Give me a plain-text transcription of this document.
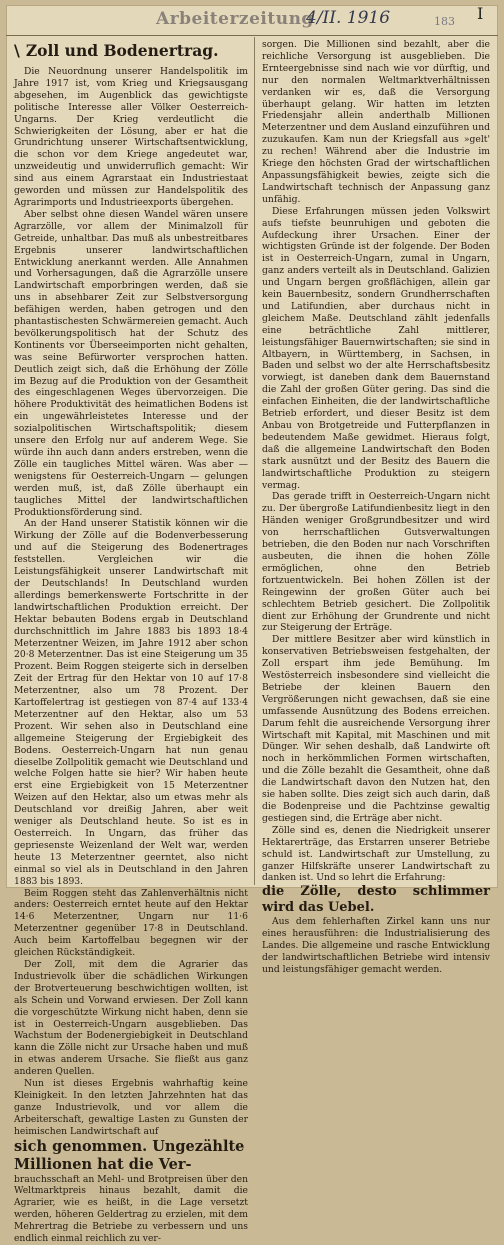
Arbeiterzeitung
4/II. 1916	183 I
\ Zoll und Bodenertrag.

Die Neuordnung unserer Handelspolitik im Jahre 1917 ist, vom Krieg und Kriegsausgang abgesehen, im Augenblick das gewichtigste politische Interesse aller Völker Oesterreich-Ungarns. Der Krieg verdeutlicht die Schwierigkeiten der Lösung, aber er hat die Grundrichtung unserer Wirtschaftsentwicklung, die schon vor dem Kriege angedeutet war, unzweideutig und unwiderruflich gemacht: Wir sind aus einem Agrarstaat ein Industriestaat geworden und müssen zur Handelspolitik des Agrarimports und Industrieexports übergehen.

Aber selbst ohne diesen Wandel wären unsere Agrarzölle, vor allem der Minimalzoll für Getreide, unhaltbar. Das muß als unbestreitbares Ergebnis unserer landwirtschaftlichen Entwicklung anerkannt werden. Alle Annahmen und Vorhersagungen, daß die Agrarzölle unsere Landwirtschaft emporbringen werden, daß sie uns in absehbarer Zeit zur Selbstversorgung befähigen werden, haben getrogen und den phantastischesten Schwärmereien gemacht. Auch bevölkerungspolitisch hat der Schutz des Kontinents vor Überseeimporten nicht gehalten, was seine Befürworter versprochen hatten. Deutlich zeigt sich, daß die Erhöhung der Zölle im Bezug auf die Produktion von der Gesamtheit des eingeschlagenen Weges übervorzeigen. Die höhere Produktivität des heimatlichen Bodens ist ein ungewährleistetes Interesse und der sozialpolitischen Wirtschaftspolitik; diesem unsere den Erfolg nur auf anderem Wege. Sie würde ihn auch dann anders erstreben, wenn die Zölle ein taugliches Mittel wären. Was aber — wenigstens für Oesterreich-Ungarn — gelungen werden muß, ist, daß Zölle überhaupt ein taugliches Mittel der landwirtschaftlichen Produktionsförderung sind.

An der Hand unserer Statistik können wir die Wirkung der Zölle auf die Bodenverbesserung und auf die Steigerung des Bodenertrages feststellen. Vergleichen wir die Leistungsfähigkeit unserer Landwirtschaft mit der Deutschlands! In Deutschland wurden allerdings bemerkenswerte Fortschritte in der landwirtschaftlichen Produktion erreicht. Der Hektar bebauten Bodens ergab in Deutschland durchschnittlich im Jahre 1883 bis 1893 18·4 Meterzentner Weizen, im Jahre 1912 aber schon 20·8 Meterzentner. Das ist eine Steigerung um 35 Prozent. Beim Roggen steigerte sich in derselben Zeit der Ertrag für den Hektar von 10 auf 17·8 Meterzentner, also um 78 Prozent. Der Kartoffelertrag ist gestiegen von 87·4 auf 133·4 Meterzentner auf den Hektar, also um 53 Prozent. Wir sehen also in Deutschland eine allgemeine Steigerung der Ergiebigkeit des Bodens. Oesterreich-Ungarn hat nun genau dieselbe Zollpolitik gemacht wie Deutschland und welche Folgen hatte sie hier? Wir haben heute erst eine Ergiebigkeit von 15 Meterzentner Weizen auf den Hektar, also um etwas mehr als Deutschland vor dreißig Jahren, aber weit weniger als Deutschland heute. So ist es in Oesterreich. In Ungarn, das früher das gepriesenste Weizenland der Welt war, werden heute 13 Meterzentner geerntet, also nicht einmal so viel als in Deutschland in den Jahren 1883 bis 1893.

Beim Roggen steht das Zahlenverhältnis nicht anders: Oesterreich erntet heute auf den Hektar 14·6 Meterzentner, Ungarn nur 11·6 Meterzentner gegenüber 17·8 in Deutschland. Auch beim Kartoffelbau begegnen wir der gleichen Rückständigkeit.

Der Zoll, mit dem die Agrarier das Industrievolk über die schädlichen Wirkungen der Brotverteuerung beschwichtigen wollten, ist als Schein und Vorwand erwiesen. Der Zoll kann die vorgeschützte Wirkung nicht haben, denn sie ist in Oesterreich-Ungarn ausgeblieben. Das Wachstum der Bodenergiebigkeit in Deutschland kann die Zölle nicht zur Ursache haben und muß in etwas anderem Ursache. Sie fließt aus ganz anderen Quellen.

Nun ist dieses Ergebnis wahrhaftig keine Kleinigkeit. In den letzten Jahrzehnten hat das ganze Industrievolk, und vor allem die Arbeiterschaft, gewaltige Lasten zu Gunsten der heimischen Landwirtschaft auf

sich genommen. Ungezählte Millionen hat die Ver-

brauchsschaft an Mehl- und Brotpreisen über den Weltmarktpreis hinaus bezahlt, damit die Agrarier, wie es heißt, in die Lage versetzt werden, höheren Geldertrag zu erzielen, mit dem Mehrertrag die Betriebe zu verbessern und uns endlich einmal reichlich zu ver-

sorgen. Die Millionen sind bezahlt, aber die reichliche Versorgung ist ausgeblieben. Die Ernteergebnisse sind nach wie vor dürftig, und nur den normalen Weltmarktverhältnissen verdanken wir es, daß die Versorgung überhaupt gelang. Wir hatten im letzten Friedensjahr allein anderthalb Millionen Meterzentner und dem Ausland einzuführen und zuzukaufen. Kam nun der Kriegsfall aus »gelt' zu rechen! Während aber die Industrie im Kriege den höchsten Grad der wirtschaftlichen Anpassungsfähigkeit bewies, zeigte sich die Landwirtschaft technisch der Anpassung ganz unfähig.

Diese Erfahrungen müssen jeden Volkswirt aufs tiefste beunruhigen und geboten die Aufdeckung ihrer Ursachen. Einer der wichtigsten Gründe ist der folgende. Der Boden ist in Oesterreich-Ungarn, zumal in Ungarn, ganz anders verteilt als in Deutschland. Galizien und Ungarn bergen großflächigen, allein gar kein Bauernbesitz, sondern Grundherrschaften und Latifundien, aber durchaus nicht in gleichem Maße. Deutschland zählt jedenfalls eine beträchtliche Zahl mittlerer, leistungsfähiger Bauernwirtschaften; sie sind in Altbayern, in Württemberg, in Sachsen, in Baden und selbst wo der alte Herrschaftsbesitz vorwiegt, ist daneben dank dem Bauernstand die Zahl der großen Güter gering. Das sind die einfachen Einheiten, die der landwirtschaftliche Betrieb erfordert, und dieser Besitz ist dem Anbau von Brotgetreide und Futterpflanzen in bedeutendem Maße gewidmet. Hieraus folgt, daß die allgemeine Landwirtschaft den Boden stark ausnützt und der Besitz des Bauern die landwirtschaftliche Produktion zu steigern vermag.

Das gerade trifft in Oesterreich-Ungarn nicht zu. Der übergroße Latifundienbesitz liegt in den Händen weniger Großgrundbesitzer und wird von herrschaftlichen Gutsverwaltungen betrieben, die den Boden nur nach Vorschriften ausbeuten, die ihnen die hohen Zölle ermöglichen, ohne den Betrieb fortzuentwickeln. Bei hohen Zöllen ist der Reingewinn der großen Güter auch bei schlechtem Betrieb gesichert. Die Zollpolitik dient zur Erhöhung der Grundrente und nicht zur Steigerung der Erträge.

Der mittlere Besitzer aber wird künstlich in konservativen Betriebsweisen festgehalten, der Zoll erspart ihm jede Bemühung. Im Westösterreich insbesondere sind vielleicht die Betriebe der kleinen Bauern den Vergrößerungen nicht gewachsen, daß sie eine umfassende Ausnützung des Bodens erreichen. Darum fehlt die ausreichende Versorgung ihrer Wirtschaft mit Kapital, mit Maschinen und mit Dünger. Wir sehen deshalb, daß Landwirte oft noch in herkömmlichen Formen wirtschaften, und die Zölle bezahlt die Gesamtheit, ohne daß die Landwirtschaft davon den Nutzen hat, den sie haben sollte. Dies zeigt sich auch darin, daß die Bodenpreise und die Pachtzinse gewaltig gestiegen sind, die Erträge aber nicht.

Zölle sind es, denen die Niedrigkeit unserer Hektarerträge, das Erstarren unserer Betriebe schuld ist. Landwirtschaft zur Umstellung, zu ganzer Hilfskräfte unserer Landwirtschaft zu danken ist. Und so lehrt die Erfahrung:

die Zölle, desto schlimmer wird das Uebel.

Aus dem fehlerhaften Zirkel kann uns nur eines herausführen: die Industrialisierung des Landes. Die allgemeine und rasche Entwicklung der landwirtschaftlichen Betriebe wird intensiv und leistungsfähiger gemacht werden.
